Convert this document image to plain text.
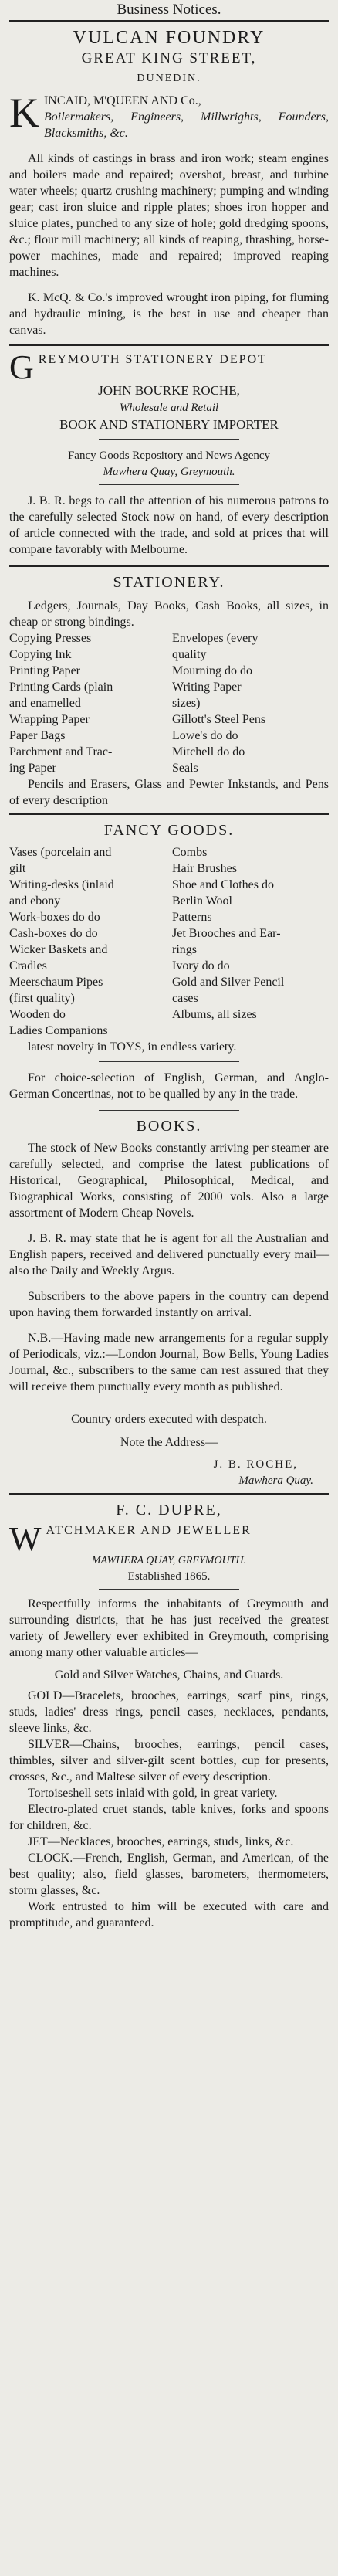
Business Notices.

VULCAN FOUNDRY

GREAT KING STREET,

DUNEDIN.

K INCAID, M'QUEEN AND Co.,

Boilermakers, Engineers, Millwrights, Founders, Blacksmiths, &c.

All kinds of castings in brass and iron work; steam engines and boilers made and repaired; overshot, breast, and turbine water wheels; quartz crushing machinery; pumping and winding gear; cast iron sluice and ripple plates; shoes iron hopper and sluice plates, punched to any size of hole; gold dredging spoons, &c.; flour mill machinery; all kinds of reaping, thrashing, horse-power machines, made and repaired; improved reaping machines.

K. McQ. & Co.'s improved wrought iron piping, for fluming and hydraulic mining, is the best in use and cheaper than canvas.

G REYMOUTH STATIONERY DEPOT

JOHN BOURKE ROCHE,

Wholesale and Retail

BOOK AND STATIONERY IMPORTER

Fancy Goods Repository and News Agency

Mawhera Quay, Greymouth.

J. B. R. begs to call the attention of his numerous patrons to the carefully selected Stock now on hand, of every description of article connected with the trade, and sold at prices that will compare favorably with Melbourne.

STATIONERY.

Ledgers, Journals, Day Books, Cash Books, all sizes, in cheap or strong bindings.

Copying Presses	Envelopes (every
Copying Ink	quality
Printing Paper	Mourning do do
Printing Cards (plain	Writing Paper
and enamelled	sizes)
Wrapping Paper	Gillott's Steel Pens
Paper Bags	Lowe's do do
Parchment and Trac-	Mitchell do do
ing Paper	Seals

Pencils and Erasers, Glass and Pewter Inkstands, and Pens of every description

FANCY GOODS.

Vases (porcelain and	Combs
gilt	Hair Brushes
Writing-desks (inlaid	Shoe and Clothes do
and ebony	Berlin Wool
Work-boxes do do	Patterns
Cash-boxes do do	Jet Brooches and Ear-
Wicker Baskets and	rings
Cradles	Ivory do do
Meerschaum Pipes	Gold and Silver Pencil
(first quality)	cases
Wooden do	Albums, all sizes
Ladies Companions

latest novelty in TOYS, in endless variety.

For choice-selection of English, German, and Anglo-German Concertinas, not to be qualled by any in the trade.

BOOKS.

The stock of New Books constantly arriving per steamer are carefully selected, and comprise the latest publications of Historical, Geographical, Philosophical, Medical, and Biographical Works, consisting of 2000 vols. Also a large assortment of Modern Cheap Novels.

J. B. R. may state that he is agent for all the Australian and English papers, received and delivered punctually every mail—also the Daily and Weekly Argus.

Subscribers to the above papers in the country can depend upon having them forwarded instantly on arrival.

N.B.—Having made new arrangements for a regular supply of Periodicals, viz.:—London Journal, Bow Bells, Young Ladies Journal, &c., subscribers to the same can rest assured that they will receive them punctually every month as published.

Country orders executed with despatch.

Note the Address—

J. B. ROCHE,

Mawhera Quay.

F. C. DUPRE,

W ATCHMAKER AND JEWELLER

MAWHERA QUAY, GREYMOUTH.

Established 1865.

Respectfully informs the inhabitants of Greymouth and surrounding districts, that he has just received the greatest variety of Jewellery ever exhibited in Greymouth, comprising among many other valuable articles—

Gold and Silver Watches, Chains, and Guards.

GOLD—Bracelets, brooches, earrings, scarf pins, rings, studs, ladies' dress rings, pencil cases, necklaces, pendants, sleeve links, &c.

SILVER—Chains, brooches, earrings, pencil cases, thimbles, silver and silver-gilt scent bottles, cup for presents, crosses, &c., and Maltese silver of every description.

Tortoiseshell sets inlaid with gold, in great variety.

Electro-plated cruet stands, table knives, forks and spoons for children, &c.

JET—Necklaces, brooches, earrings, studs, links, &c.

CLOCK.—French, English, German, and American, of the best quality; also, field glasses, barometers, thermometers, storm glasses, &c.

Work entrusted to him will be executed with care and promptitude, and guaranteed.
